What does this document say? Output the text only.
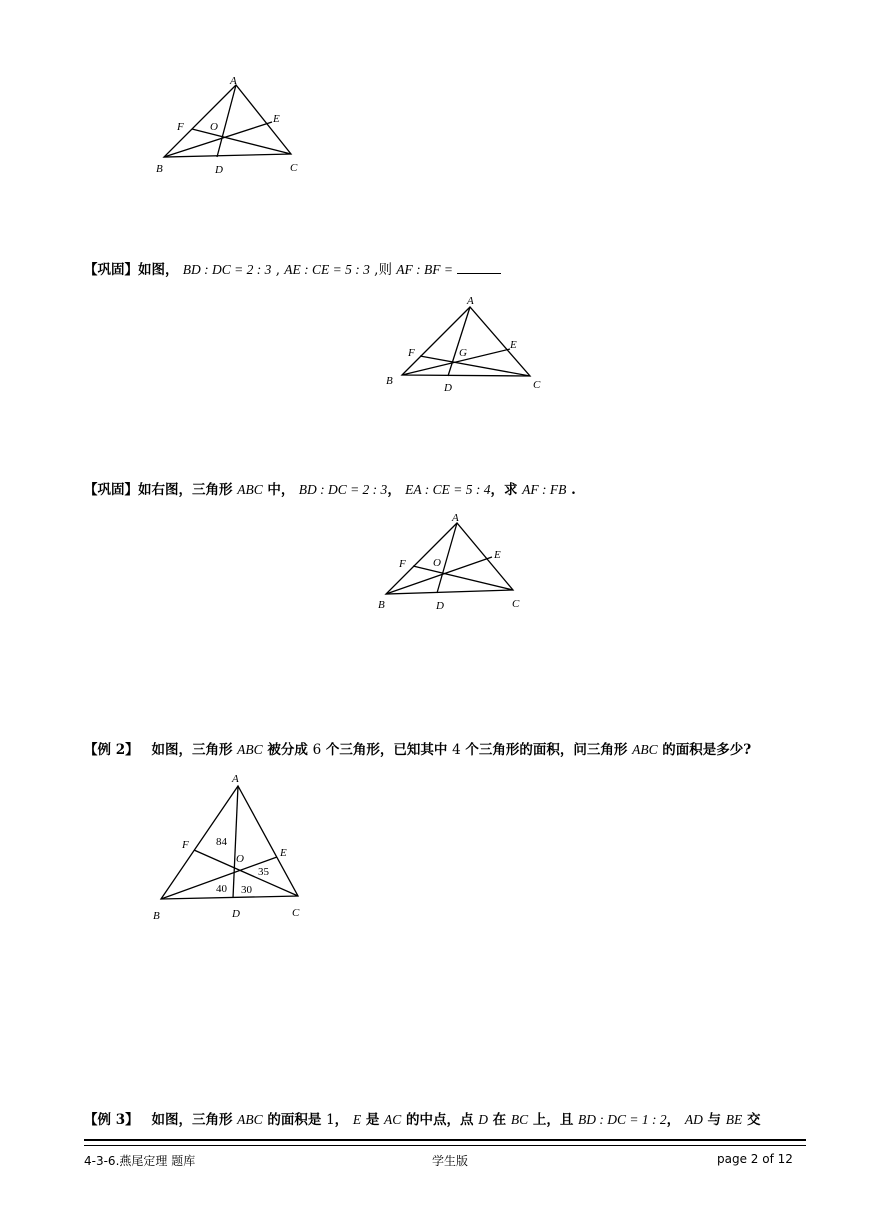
A
F O
E
B	D	C
【巩固】如图， BD : DC = 2 : 3 , AE : CE = 5 : 3 ,则 AF : BF =
A
F	G
E
B
D	C
【巩固】如右图，三角形 ABC 中， BD : DC = 2 : 3， EA : CE = 5 : 4，求 AF : FB .
A
F O
E
B	D	C
【例 2】 如图，三角形 ABC 被分成 6 个三角形，已知其中 4 个三角形的面积，问三角形 ABC 的面积是多少?
A
F
O	E
B	D	C
84
35
40 30
【例 3】 如图，三角形 ABC 的面积是 1， E 是 AC 的中点，点 D 在 BC 上，且 BD : DC = 1 : 2， AD 与 BE 交
4-3-6.燕尾定理 题库	学生版	page 2 of 12
